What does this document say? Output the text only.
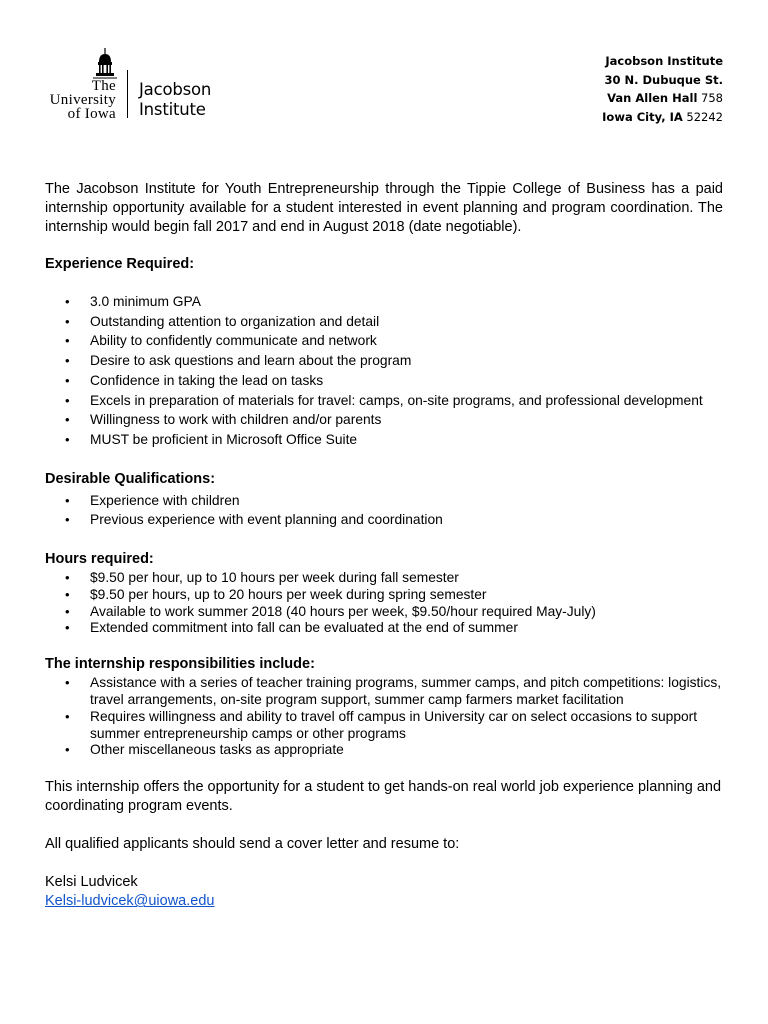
The
University
of Iowa
Jacobson
Institute
Jacobson Institute
30 N. Dubuque St.
Van Allen Hall 758
Iowa City, IA 52242

The Jacobson Institute for Youth Entrepreneurship through the Tippie College of Business has a paid internship opportunity available for a student interested in event planning and program coordination. The internship would begin fall 2017 and end in August 2018 (date negotiable).

Experience Required:
• 3.0 minimum GPA
• Outstanding attention to organization and detail
• Ability to confidently communicate and network
• Desire to ask questions and learn about the program
• Confidence in taking the lead on tasks
• Excels in preparation of materials for travel: camps, on-site programs, and professional development
• Willingness to work with children and/or parents
• MUST be proficient in Microsoft Office Suite
Desirable Qualifications:
• Experience with children
• Previous experience with event planning and coordination
Hours required:
• $9.50 per hour, up to 10 hours per week during fall semester
• $9.50 per hours, up to 20 hours per week during spring semester
• Available to work summer 2018 (40 hours per week, $9.50/hour required May-July)
• Extended commitment into fall can be evaluated at the end of summer
The internship responsibilities include:
• Assistance with a series of teacher training programs, summer camps, and pitch competitions: logistics, travel arrangements, on-site program support, summer camp farmers market facilitation
• Requires willingness and ability to travel off campus in University car on select occasions to support summer entrepreneurship camps or other programs
• Other miscellaneous tasks as appropriate

This internship offers the opportunity for a student to get hands-on real world job experience planning and coordinating program events.

All qualified applicants should send a cover letter and resume to:

Kelsi Ludvicek

Kelsi-ludvicek@uiowa.edu
